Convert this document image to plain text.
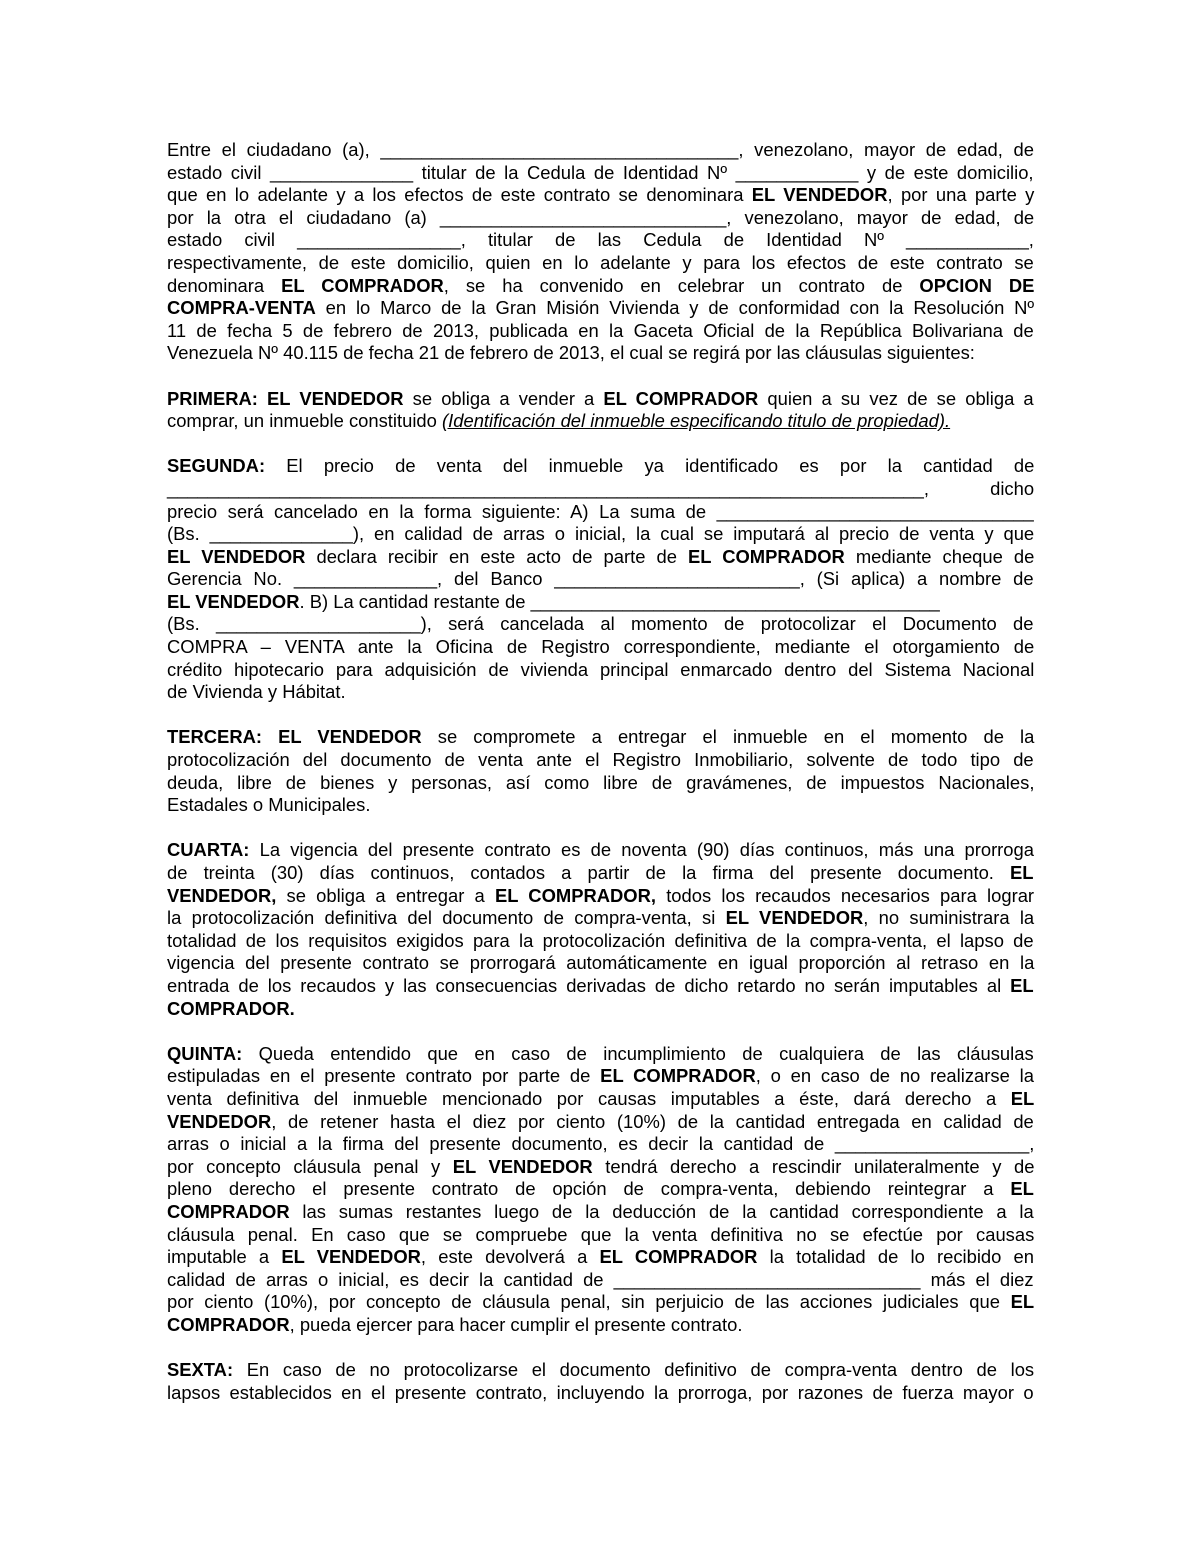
Entre el ciudadano (a), ___________________________________, venezolano, mayor de edad, de
estado civil ______________ titular de la Cedula de Identidad Nº ____________ y de este domicilio,
que en lo adelante y a los efectos de este contrato se denominara EL VENDEDOR, por una parte y
por la otra el ciudadano (a) ____________________________, venezolano, mayor de edad, de
estado civil ________________, titular de las Cedula de Identidad Nº ____________,
respectivamente, de este domicilio, quien en lo adelante y para los efectos de este contrato se
denominara EL COMPRADOR, se ha convenido en celebrar un contrato de OPCION DE
COMPRA-VENTA en lo Marco de la Gran Misión Vivienda y de conformidad con la Resolución Nº
11 de fecha 5 de febrero de 2013, publicada en la Gaceta Oficial de la República Bolivariana de
Venezuela Nº 40.115 de fecha 21 de febrero de 2013, el cual se regirá por las cláusulas siguientes:
PRIMERA: EL VENDEDOR se obliga a vender a EL COMPRADOR quien a su vez de se obliga a
comprar, un inmueble constituido (Identificación del inmueble especificando titulo de propiedad).
SEGUNDA: El precio de venta del inmueble ya identificado es por la cantidad de
__________________________________________________________________________, dicho
precio será cancelado en la forma siguiente: A) La suma de _______________________________
(Bs. ______________), en calidad de arras o inicial, la cual se imputará al precio de venta y que
EL VENDEDOR declara recibir en este acto de parte de EL COMPRADOR mediante cheque de
Gerencia No. ______________, del Banco ________________________, (Si aplica) a nombre de
EL VENDEDOR. B) La cantidad restante de ________________________________________
(Bs. ____________________), será cancelada al momento de protocolizar el Documento de
COMPRA – VENTA ante la Oficina de Registro correspondiente, mediante el otorgamiento de
crédito hipotecario para adquisición de vivienda principal enmarcado dentro del Sistema Nacional
de Vivienda y Hábitat.
TERCERA: EL VENDEDOR se compromete a entregar el inmueble en el momento de la
protocolización del documento de venta ante el Registro Inmobiliario, solvente de todo tipo de
deuda, libre de bienes y personas, así como libre de gravámenes, de impuestos Nacionales,
Estadales o Municipales.
CUARTA: La vigencia del presente contrato es de noventa (90) días continuos, más una prorroga
de treinta (30) días continuos, contados a partir de la firma del presente documento. EL
VENDEDOR, se obliga a entregar a EL COMPRADOR, todos los recaudos necesarios para lograr
la protocolización definitiva del documento de compra-venta, si EL VENDEDOR, no suministrara la
totalidad de los requisitos exigidos para la protocolización definitiva de la compra-venta, el lapso de
vigencia del presente contrato se prorrogará automáticamente en igual proporción al retraso en la
entrada de los recaudos y las consecuencias derivadas de dicho retardo no serán imputables al EL
COMPRADOR.
QUINTA: Queda entendido que en caso de incumplimiento de cualquiera de las cláusulas
estipuladas en el presente contrato por parte de EL COMPRADOR, o en caso de no realizarse la
venta definitiva del inmueble mencionado por causas imputables a éste, dará derecho a EL
VENDEDOR, de retener hasta el diez por ciento (10%) de la cantidad entregada en calidad de
arras o inicial a la firma del presente documento, es decir la cantidad de ___________________,
por concepto cláusula penal y EL VENDEDOR tendrá derecho a rescindir unilateralmente y de
pleno derecho el presente contrato de opción de compra-venta, debiendo reintegrar a EL
COMPRADOR las sumas restantes luego de la deducción de la cantidad correspondiente a la
cláusula penal. En caso que se compruebe que la venta definitiva no se efectúe por causas
imputable a EL VENDEDOR, este devolverá a EL COMPRADOR la totalidad de lo recibido en
calidad de arras o inicial, es decir la cantidad de ______________________________ más el diez
por ciento (10%), por concepto de cláusula penal, sin perjuicio de las acciones judiciales que EL
COMPRADOR, pueda ejercer para hacer cumplir el presente contrato.
SEXTA: En caso de no protocolizarse el documento definitivo de compra-venta dentro de los
lapsos establecidos en el presente contrato, incluyendo la prorroga, por razones de fuerza mayor o
